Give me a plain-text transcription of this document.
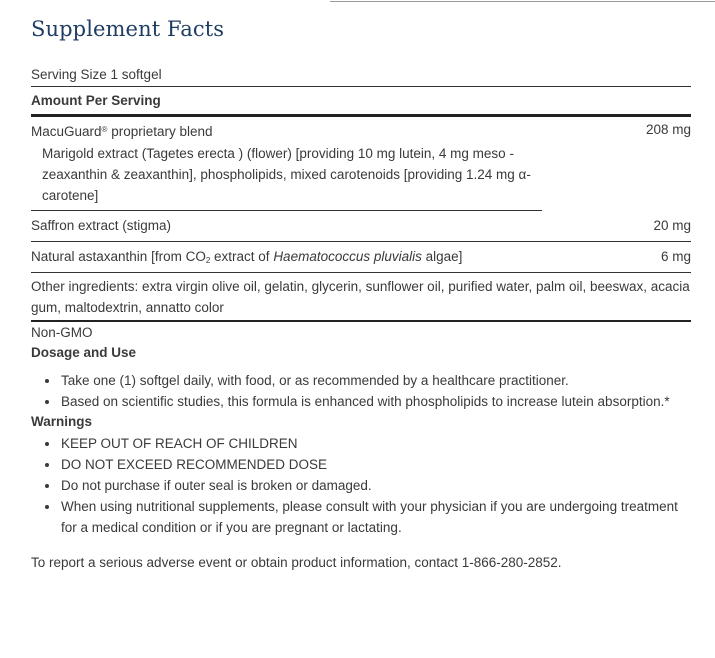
Supplement Facts
Serving Size 1 softgel
Amount Per Serving
MacuGuard® proprietary blend	208 mg
Marigold extract (Tagetes erecta ) (flower) [providing 10 mg lutein, 4 mg meso -zeaxanthin & zeaxanthin], phospholipids, mixed carotenoids [providing 1.24 mg α-carotene]
Saffron extract (stigma)	20 mg
Natural astaxanthin [from $CO_2$ extract of Haematococcus pluvialis algae]	6 mg
Other ingredients: extra virgin olive oil, gelatin, glycerin, sunflower oil, purified water, palm oil, beeswax, acacia gum, maltodextrin, annatto color
Non-GMO
Dosage and Use
Take one (1) softgel daily, with food, or as recommended by a healthcare practitioner.
Based on scientific studies, this formula is enhanced with phospholipids to increase lutein absorption.*
Warnings
KEEP OUT OF REACH OF CHILDREN
DO NOT EXCEED RECOMMENDED DOSE
Do not purchase if outer seal is broken or damaged.
When using nutritional supplements, please consult with your physician if you are undergoing treatment for a medical condition or if you are pregnant or lactating.
To report a serious adverse event or obtain product information, contact 1-866-280-2852.
